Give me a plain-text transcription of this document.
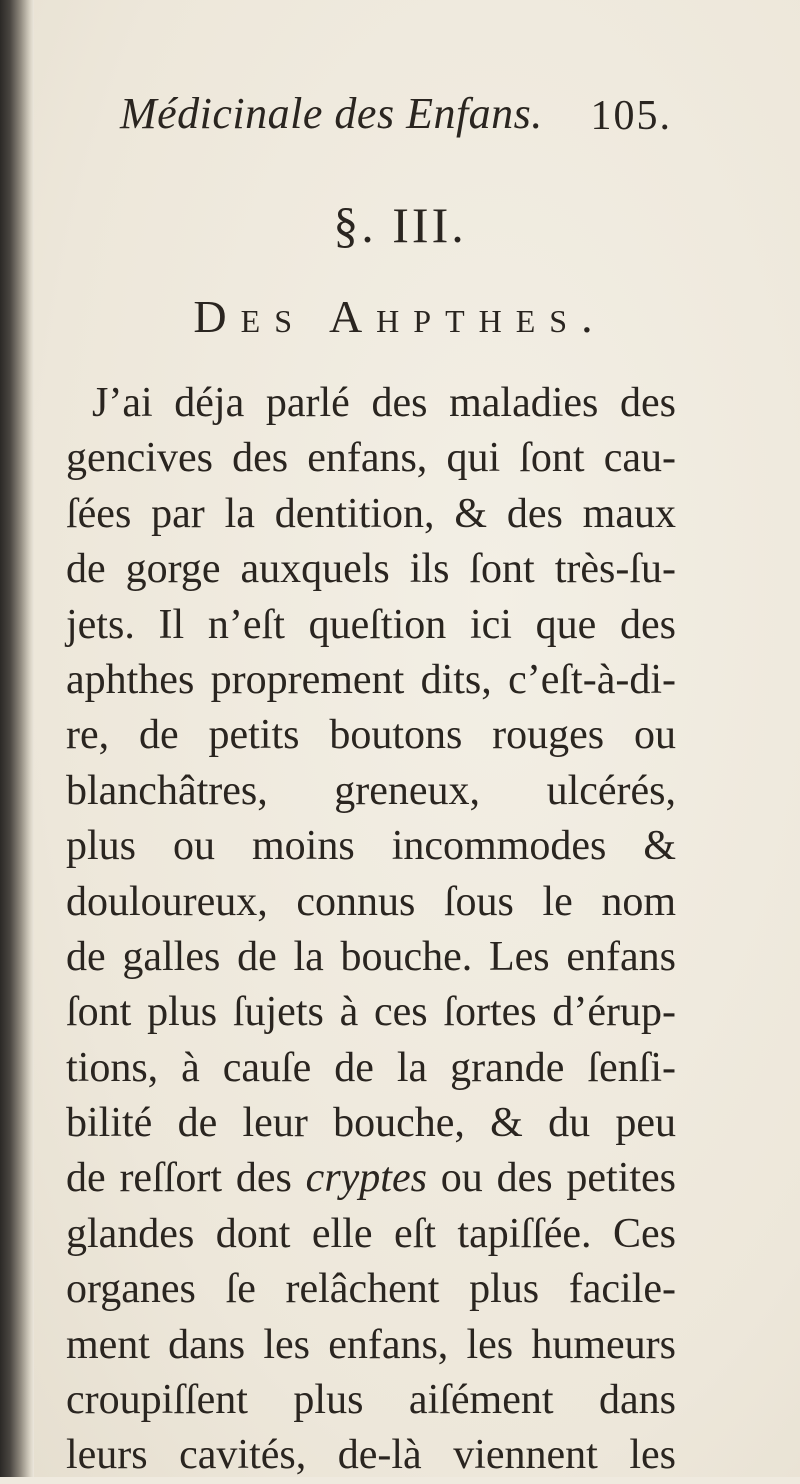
Médicinale des Enfans. 105.
§. III.
Des Ahpthes.
J’ai déja parlé des maladies des
gencives des enfans, qui ſont cau-
ſées par la dentition, & des maux
de gorge auxquels ils ſont très-ſu-
jets. Il n’eſt queſtion ici que des
aphthes proprement dits, c’eſt-à-di-
re, de petits boutons rouges ou
blanchâtres, greneux, ulcérés,
plus ou moins incommodes &
douloureux, connus ſous le nom
de galles de la bouche. Les enfans
ſont plus ſujets à ces ſortes d’érup-
tions, à cauſe de la grande ſenſi-
bilité de leur bouche, & du peu
de reſſort des cryptes ou des petites
glandes dont elle eſt tapiſſée. Ces
organes ſe relâchent plus facile-
ment dans les enfans, les humeurs
croupiſſent plus aiſément dans
leurs cavités, de-là viennent les
